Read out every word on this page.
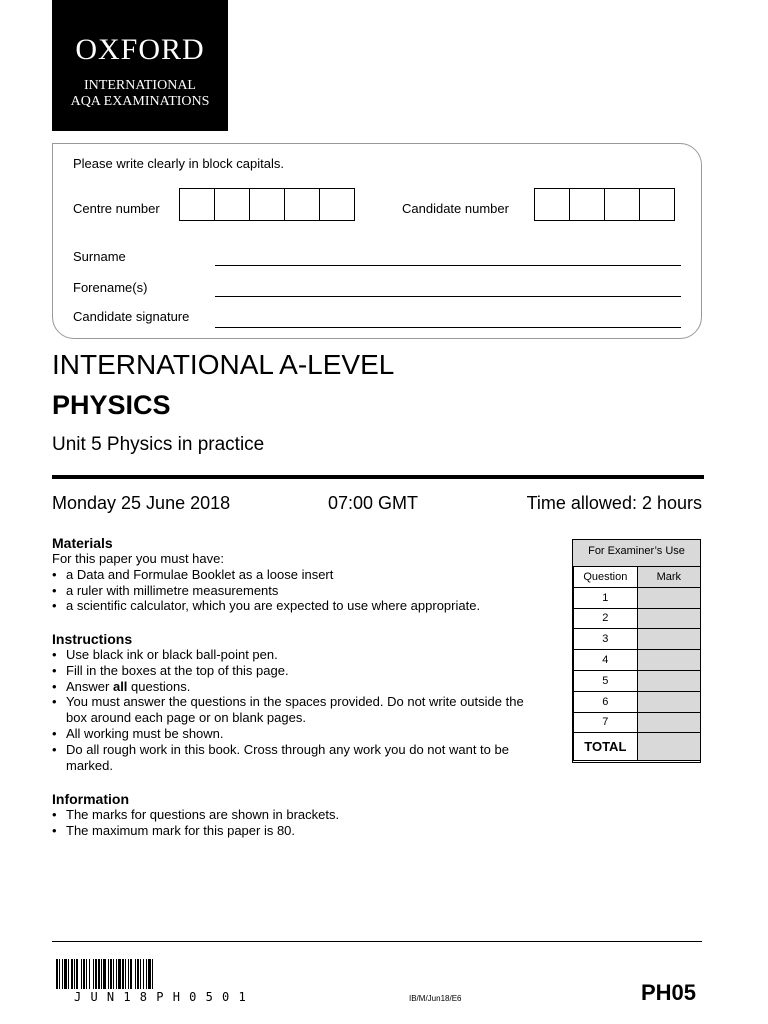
OXFORD
INTERNATIONAL
AQA EXAMINATIONS
Please write clearly in block capitals.
Centre number	Candidate number
Surname
Forename(s)
Candidate signature
INTERNATIONAL A-LEVEL
PHYSICS
Unit 5 Physics in practice
Monday 25 June 2018	07:00 GMT	Time allowed: 2 hours
Materials
For this paper you must have:
• a Data and Formulae Booklet as a loose insert
• a ruler with millimetre measurements
• a scientific calculator, which you are expected to use where appropriate.
Instructions
• Use black ink or black ball-point pen.
• Fill in the boxes at the top of this page.
• Answer all questions.
• You must answer the questions in the spaces provided. Do not write outside the box around each page or on blank pages.
• All working must be shown.
• Do all rough work in this book. Cross through any work you do not want to be marked.
Information
• The marks for questions are shown in brackets.
• The maximum mark for this paper is 80.
For Examiner’s Use
Question	Mark
1	
2	
3	
4	
5	
6	
7	
TOTAL	
J U N 1 8 P H 0 5 0 1	IB/M/Jun18/E6	PH05
